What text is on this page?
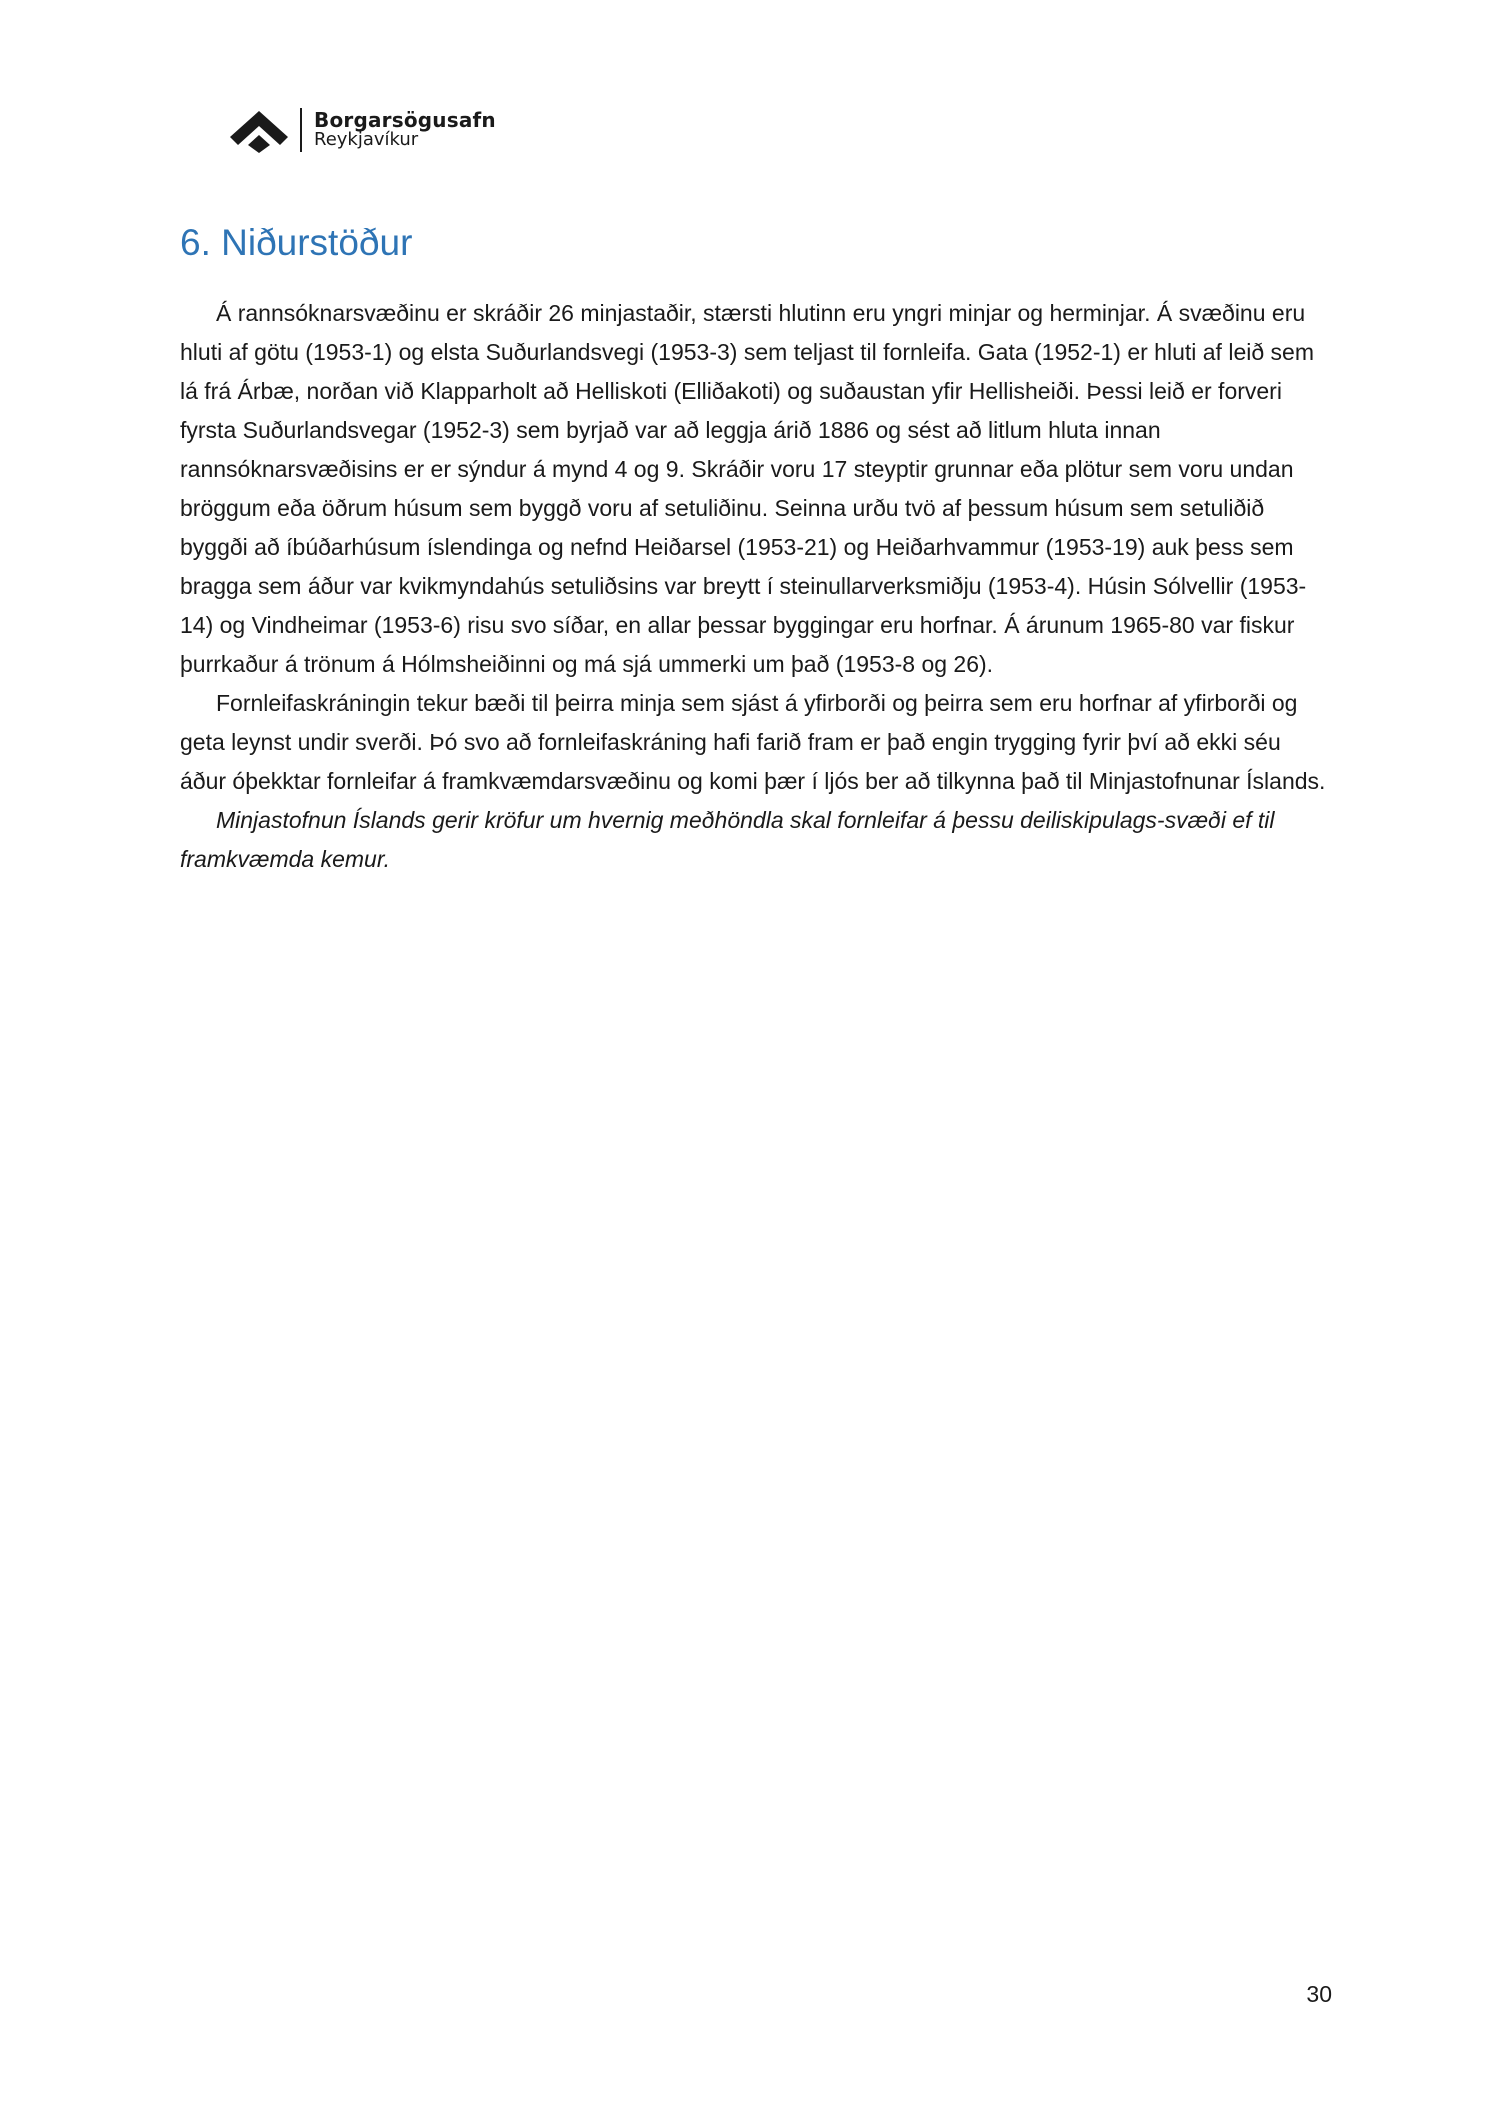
Borgarsögusafn
Reykjavíkur
6. Niðurstöður

Á rannsóknarsvæðinu er skráðir 26 minjastaðir, stærsti hlutinn eru yngri minjar og herminjar. Á svæðinu eru hluti af götu (1953-1) og elsta Suðurlandsvegi (1953-3) sem teljast til fornleifa. Gata (1952-1) er hluti af leið sem lá frá Árbæ, norðan við Klapparholt að Helliskoti (Elliðakoti) og suðaustan yfir Hellisheiði. Þessi leið er forveri fyrsta Suðurlandsvegar (1952-3) sem byrjað var að leggja árið 1886 og sést að litlum hluta innan rannsóknarsvæðisins er er sýndur á mynd 4 og 9. Skráðir voru 17 steyptir grunnar eða plötur sem voru undan bröggum eða öðrum húsum sem byggð voru af setuliðinu. Seinna urðu tvö af þessum húsum sem setuliðið byggði að íbúðarhúsum íslendinga og nefnd Heiðarsel (1953-21) og Heiðarhvammur (1953-19) auk þess sem bragga sem áður var kvikmyndahús setuliðsins var breytt í steinullarverksmiðju (1953-4). Húsin Sólvellir (1953-14) og Vindheimar (1953-6) risu svo síðar, en allar þessar byggingar eru horfnar. Á árunum 1965-80 var fiskur þurrkaður á trönum á Hólmsheiðinni og má sjá ummerki um það (1953-8 og 26).

Fornleifaskráningin tekur bæði til þeirra minja sem sjást á yfirborði og þeirra sem eru horfnar af yfirborði og geta leynst undir sverði. Þó svo að fornleifaskráning hafi farið fram er það engin trygging fyrir því að ekki séu áður óþekktar fornleifar á framkvæmdarsvæðinu og komi þær í ljós ber að tilkynna það til Minjastofnunar Íslands.

Minjastofnun Íslands gerir kröfur um hvernig meðhöndla skal fornleifar á þessu deiliskipulags-svæði ef til framkvæmda kemur.

30
